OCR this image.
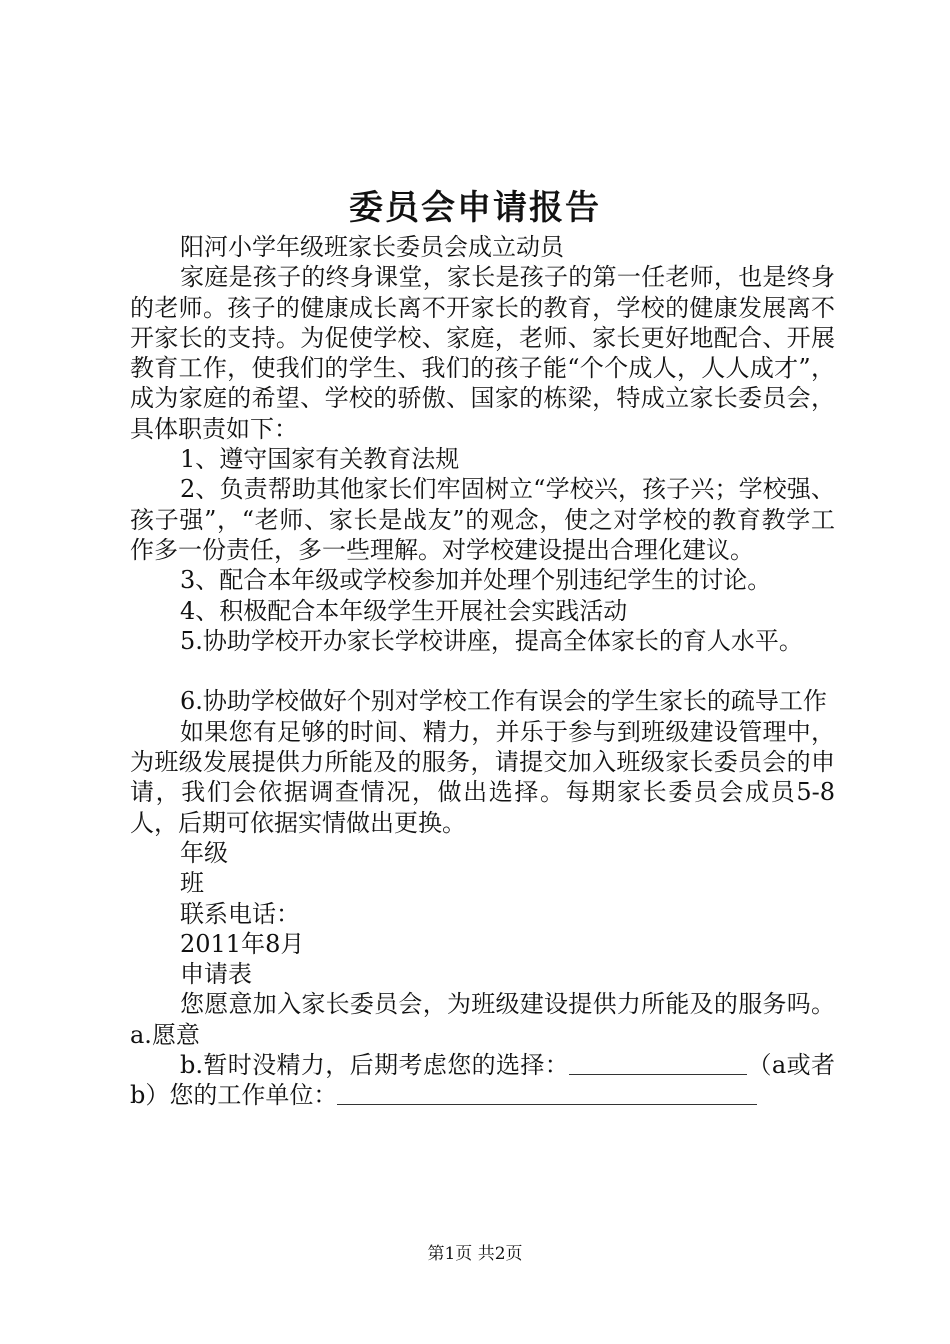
委员会申请报告

阳河小学年级班家长委员会成立动员

家庭是孩子的终身课堂，家长是孩子的第一任老师，也是终身的老师。孩子的健康成长离不开家长的教育，学校的健康发展离不开家长的支持。为促使学校、家庭，老师、家长更好地配合、开展教育工作，使我们的学生、我们的孩子能“个个成人，人人成才”，成为家庭的希望、学校的骄傲、国家的栋梁，特成立家长委员会，具体职责如下：

1、遵守国家有关教育法规

2、负责帮助其他家长们牢固树立“学校兴，孩子兴；学校强、孩子强”，“老师、家长是战友”的观念，使之对学校的教育教学工作多一份责任，多一些理解。对学校建设提出合理化建议。

3、配合本年级或学校参加并处理个别违纪学生的讨论。

4、积极配合本年级学生开展社会实践活动

5.协助学校开办家长学校讲座，提高全体家长的育人水平。

6.协助学校做好个别对学校工作有误会的学生家长的疏导工作

如果您有足够的时间、精力，并乐于参与到班级建设管理中，为班级发展提供力所能及的服务，请提交加入班级家长委员会的申请，我们会依据调查情况，做出选择。每期家长委员会成员5-8人，后期可依据实情做出更换。

年级

班

联系电话：

2011年8月

申请表

您愿意加入家长委员会，为班级建设提供力所能及的服务吗。a.愿意

b.暂时没精力，后期考虑您的选择：	（a或者b）您的工作单位：

第1页 共2页
